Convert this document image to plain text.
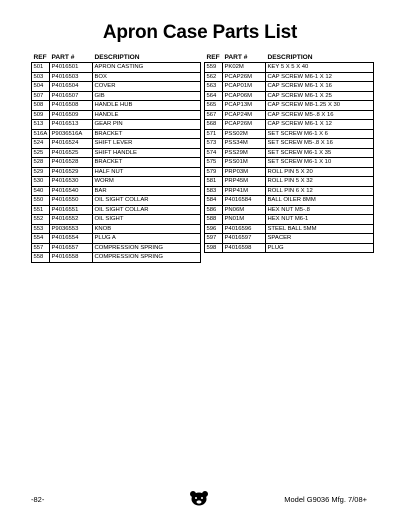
Apron Case Parts List
REF	PART #	DESCRIPTION
501	P4016501	APRON CASTING
503	P4016503	BOX
504	P4016504	COVER
507	P4016507	GIB
508	P4016508	HANDLE HUB
509	P4016509	HANDLE
513	P4016513	GEAR PIN
516A	P9036516A	BRACKET
524	P4016524	SHIFT LEVER
525	P4016525	SHIFT HANDLE
528	P4016528	BRACKET
529	P4016529	HALF NUT
530	P4016530	WORM
540	P4016540	BAR
550	P4016550	OIL SIGHT COLLAR
551	P4016551	OIL SIGHT COLLAR
552	P4016552	OIL SIGHT
553	P9036553	KNOB
554	P4016554	PLUG A
557	P4016557	COMPRESSION SPRING
558	P4016558	COMPRESSION SPRING
REF	PART #	DESCRIPTION
559	PK02M	KEY 5 X 5 X 40
562	PCAP26M	CAP SCREW M6-1 X 12
563	PCAP01M	CAP SCREW M6-1 X 16
564	PCAP06M	CAP SCREW M6-1 X 25
565	PCAP13M	CAP SCREW M8-1.25 X 30
567	PCAP24M	CAP SCREW M5-.8 X 16
568	PCAP26M	CAP SCREW M6-1 X 12
571	PSS02M	SET SCREW M6-1 X 6
573	PSS34M	SET SCREW M5-.8 X 16
574	PSS29M	SET SCREW M6-1 X 35
575	PSS01M	SET SCREW M6-1 X 10
579	PRP03M	ROLL PIN 5 X 20
581	PRP45M	ROLL PIN 5 X 32
583	PRP41M	ROLL PIN 6 X 12
584	P4016584	BALL OILER 8MM
586	PN06M	HEX NUT M5-.8
588	PN01M	HEX NUT M6-1
596	P4016596	STEEL BALL 5MM
597	P4016597	SPACER
598	P4016598	PLUG
-82-	Model G9036 Mfg. 7/08+
